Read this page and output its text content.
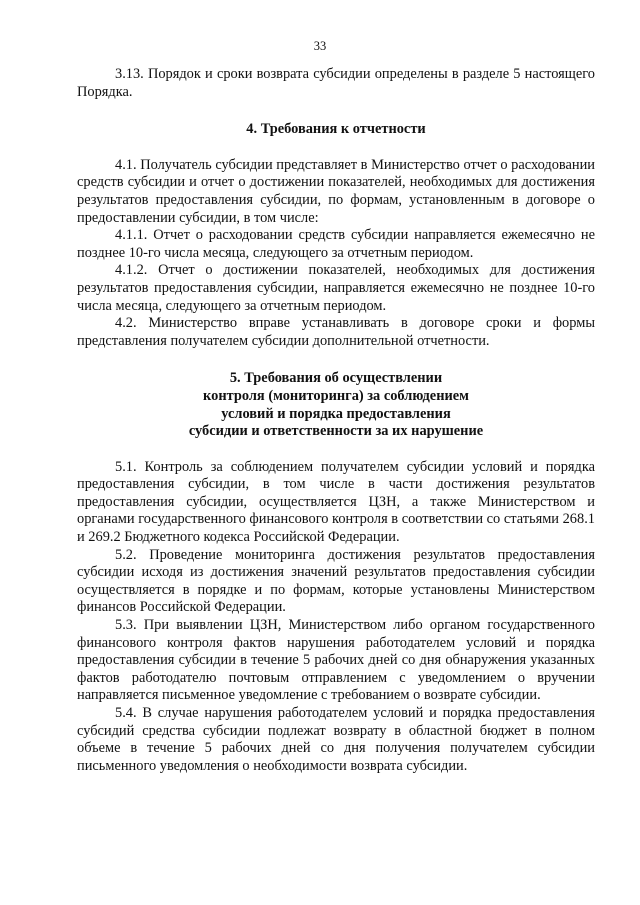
33

3.13. Порядок и сроки возврата субсидии определены в разделе 5 настоящего Порядка.

4. Требования к отчетности

4.1. Получатель субсидии представляет в Министерство отчет о расходовании средств субсидии и отчет о достижении показателей, необходимых для достижения результатов предоставления субсидии, по формам, установленным в договоре о предоставлении субсидии, в том числе:

4.1.1. Отчет о расходовании средств субсидии направляется ежемесячно не позднее 10-го числа месяца, следующего за отчетным периодом.

4.1.2. Отчет о достижении показателей, необходимых для достижения результатов предоставления субсидии, направляется ежемесячно не позднее 10-го числа месяца, следующего за отчетным периодом.

4.2. Министерство вправе устанавливать в договоре сроки и формы представления получателем субсидии дополнительной отчетности.

5. Требования об осуществлении
контроля (мониторинга) за соблюдением
условий и порядка предоставления
субсидии и ответственности за их нарушение

5.1. Контроль за соблюдением получателем субсидии условий и порядка предоставления субсидии, в том числе в части достижения результатов предоставления субсидии, осуществляется ЦЗН, а также Министерством и органами государственного финансового контроля в соответствии со статьями 268.1 и 269.2 Бюджетного кодекса Российской Федерации.

5.2. Проведение мониторинга достижения результатов предоставления субсидии исходя из достижения значений результатов предоставления субсидии осуществляется в порядке и по формам, которые установлены Министерством финансов Российской Федерации.

5.3. При выявлении ЦЗН, Министерством либо органом государственного финансового контроля фактов нарушения работодателем условий и порядка предоставления субсидии в течение 5 рабочих дней со дня обнаружения указанных фактов работодателю почтовым отправлением с уведомлением о вручении направляется письменное уведомление с требованием о возврате субсидии.

5.4. В случае нарушения работодателем условий и порядка предоставления субсидий средства субсидии подлежат возврату в областной бюджет в полном объеме в течение 5 рабочих дней со дня получения получателем субсидии письменного уведомления о необходимости возврата субсидии.
